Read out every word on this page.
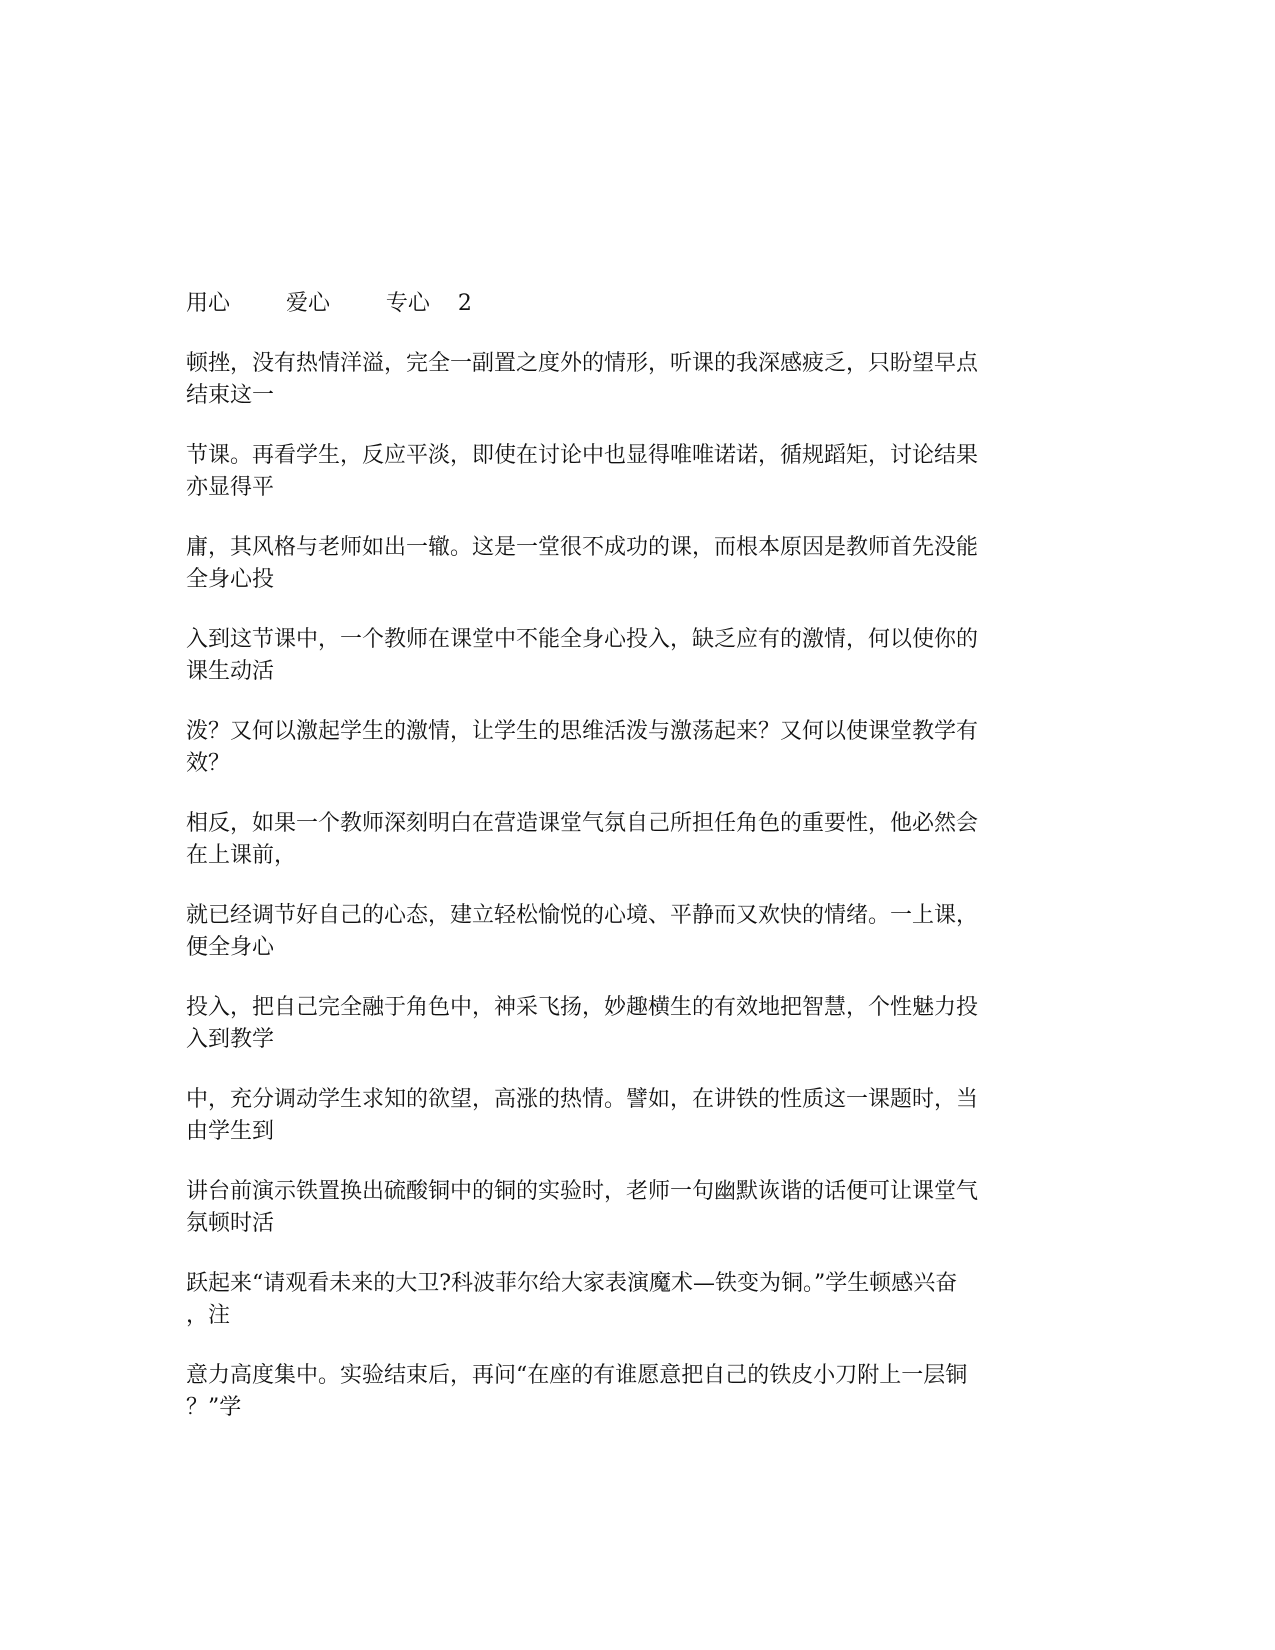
用心        爱心        专心    2
顿挫，没有热情洋溢，完全一副置之度外的情形，听课的我深感疲乏，只盼望早点
结束这一
节课。再看学生，反应平淡，即使在讨论中也显得唯唯诺诺，循规蹈矩，讨论结果
亦显得平
庸，其风格与老师如出一辙。这是一堂很不成功的课，而根本原因是教师首先没能
全身心投
入到这节课中，一个教师在课堂中不能全身心投入，缺乏应有的激情，何以使你的
课生动活
泼？又何以激起学生的激情，让学生的思维活泼与激荡起来？又何以使课堂教学有
效？
相反，如果一个教师深刻明白在营造课堂气氛自己所担任角色的重要性，他必然会
在上课前，
就已经调节好自己的心态，建立轻松愉悦的心境、平静而又欢快的情绪。一上课，
便全身心
投入，把自己完全融于角色中，神采飞扬，妙趣横生的有效地把智慧，个性魅力投
入到教学
中，充分调动学生求知的欲望，高涨的热情。譬如，在讲铁的性质这一课题时，当
由学生到
讲台前演示铁置换出硫酸铜中的铜的实验时，老师一句幽默诙谐的话便可让课堂气
氛顿时活
跃起来“请观看未来的大卫?科波菲尔给大家表演魔术—铁变为铜。”学生顿感兴奋
，注
意力高度集中。实验结束后，再问“在座的有谁愿意把自己的铁皮小刀附上一层铜
？”学
